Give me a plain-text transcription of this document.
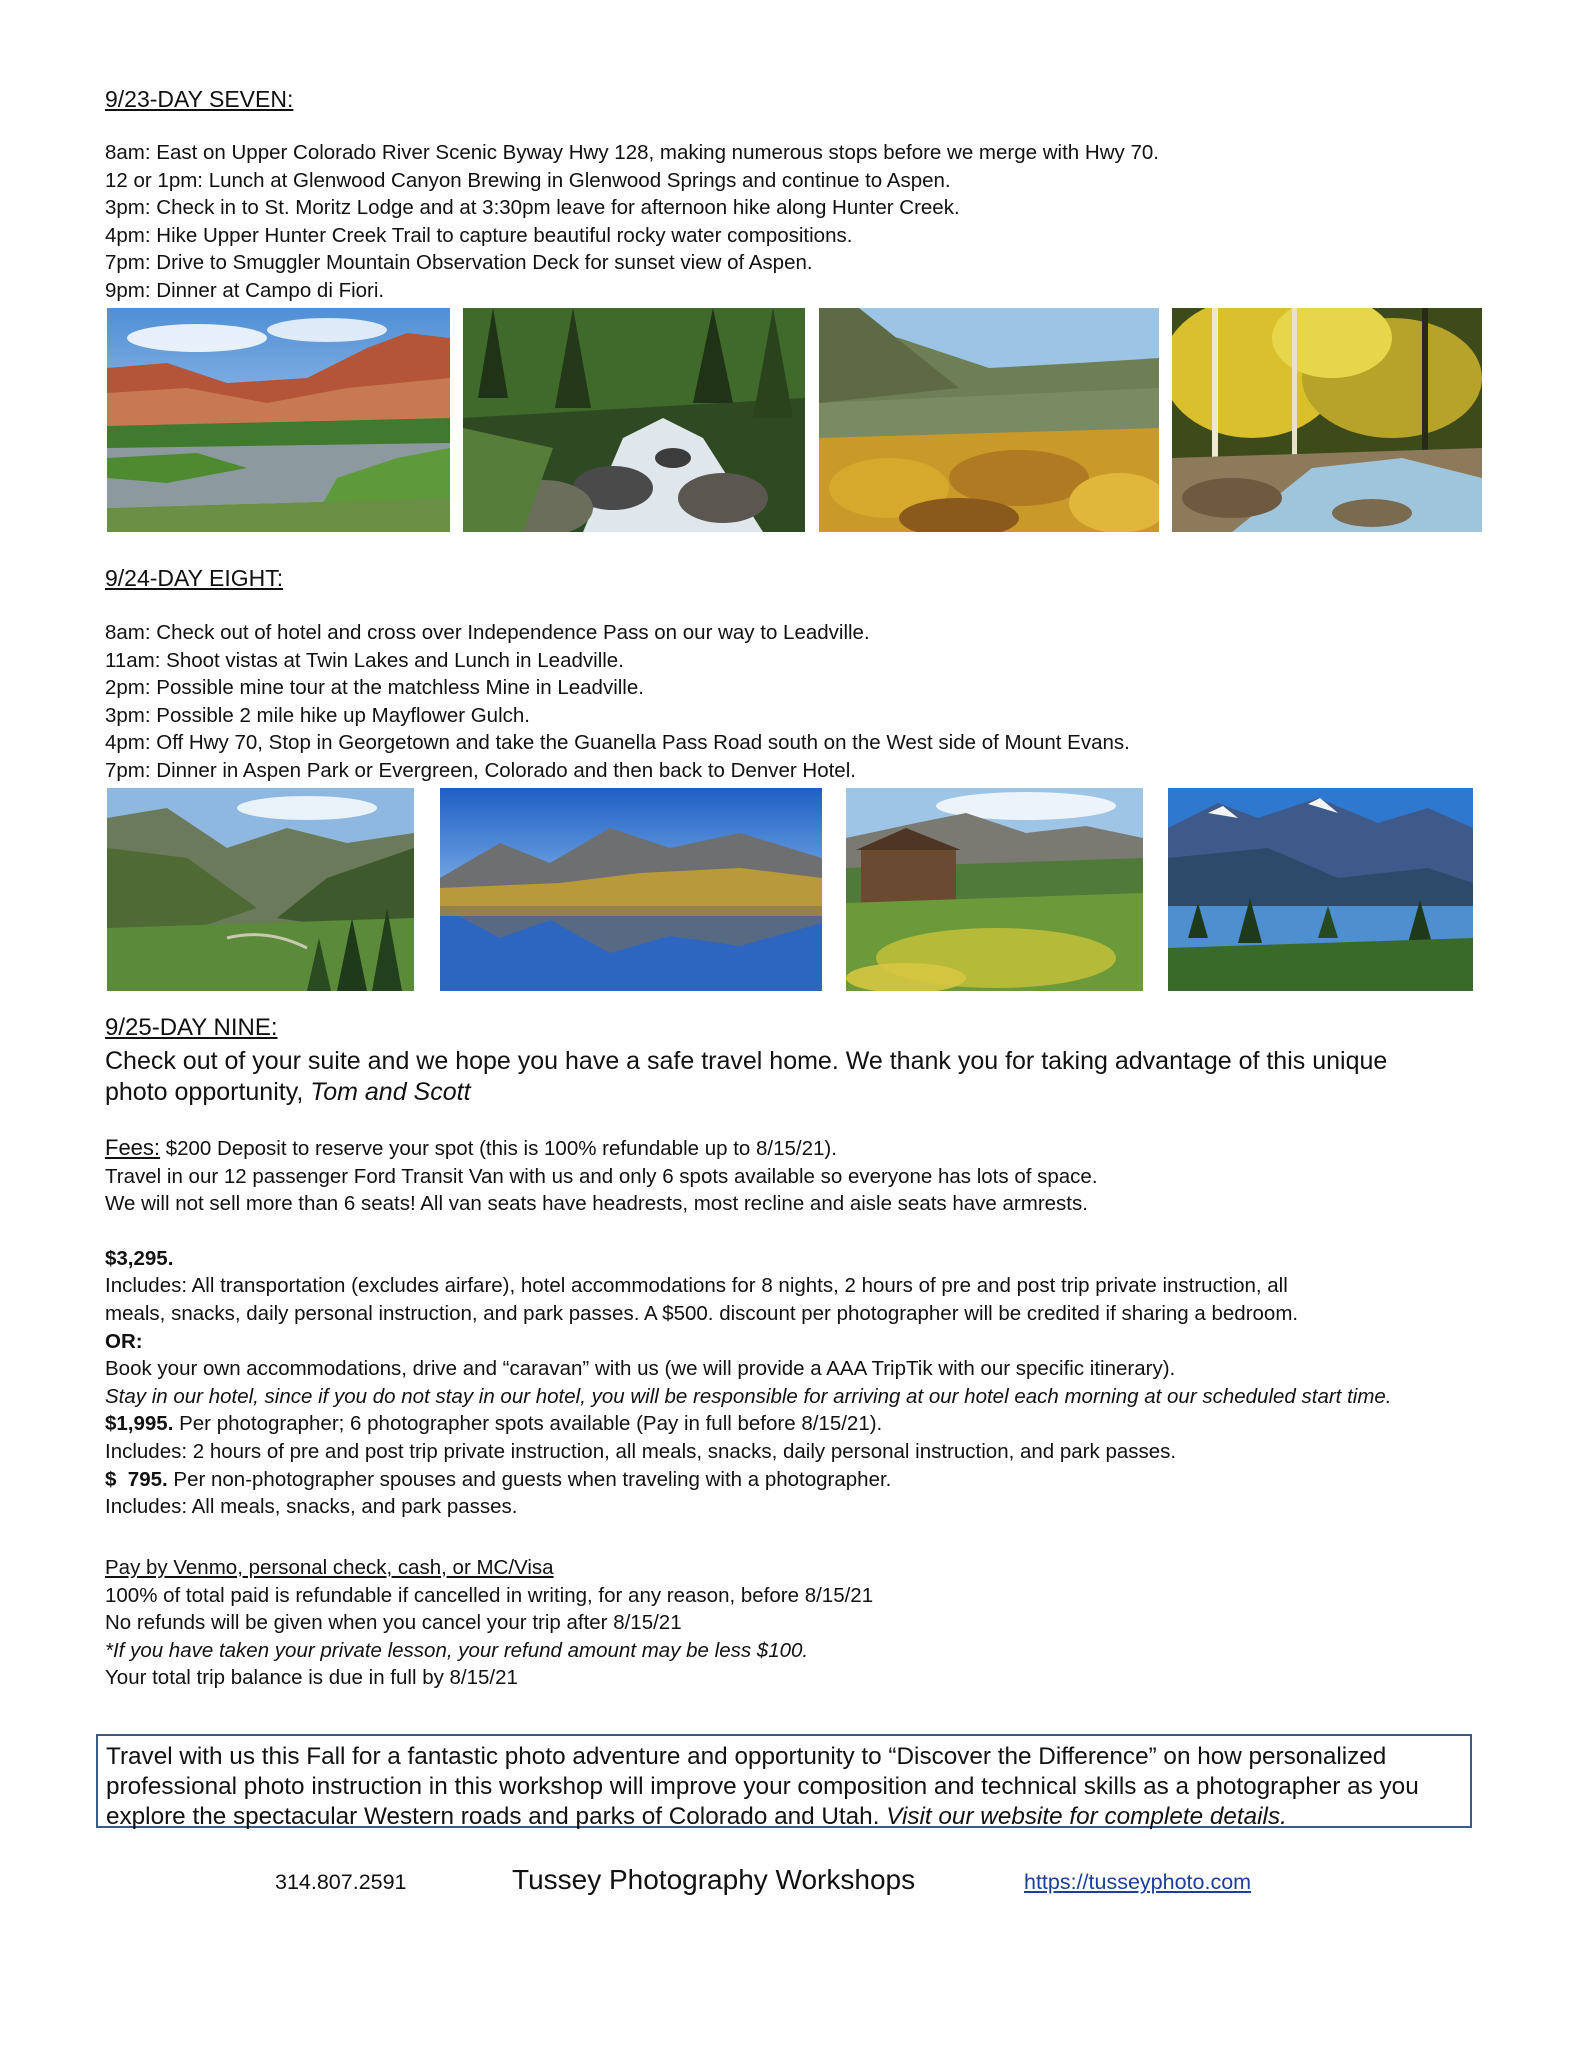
9/23-DAY SEVEN:
8am: East on Upper Colorado River Scenic Byway Hwy 128, making numerous stops before we merge with Hwy 70.
12 or 1pm: Lunch at Glenwood Canyon Brewing in Glenwood Springs and continue to Aspen.
3pm: Check in to St. Moritz Lodge and at 3:30pm leave for afternoon hike along Hunter Creek.
4pm: Hike Upper Hunter Creek Trail to capture beautiful rocky water compositions.
7pm: Drive to Smuggler Mountain Observation Deck for sunset view of Aspen.
9pm: Dinner at Campo di Fiori.
9/24-DAY EIGHT:
8am: Check out of hotel and cross over Independence Pass on our way to Leadville.
11am: Shoot vistas at Twin Lakes and Lunch in Leadville.
2pm: Possible mine tour at the matchless Mine in Leadville.
3pm: Possible 2 mile hike up Mayflower Gulch.
4pm: Off Hwy 70, Stop in Georgetown and take the Guanella Pass Road south on the West side of Mount Evans.
7pm: Dinner in Aspen Park or Evergreen, Colorado and then back to Denver Hotel.
9/25-DAY NINE:
Check out of your suite and we hope you have a safe travel home. We thank you for taking advantage of this unique
photo opportunity, Tom and Scott
Fees: $200 Deposit to reserve your spot (this is 100% refundable up to 8/15/21).
Travel in our 12 passenger Ford Transit Van with us and only 6 spots available so everyone has lots of space.
We will not sell more than 6 seats! All van seats have headrests, most recline and aisle seats have armrests.
$3,295.
Includes: All transportation (excludes airfare), hotel accommodations for 8 nights, 2 hours of pre and post trip private instruction, all
meals, snacks, daily personal instruction, and park passes. A $500. discount per photographer will be credited if sharing a bedroom.
OR:
Book your own accommodations, drive and “caravan” with us (we will provide a AAA TripTik with our specific itinerary).
Stay in our hotel, since if you do not stay in our hotel, you will be responsible for arriving at our hotel each morning at our scheduled start time.
$1,995. Per photographer; 6 photographer spots available (Pay in full before 8/15/21).
Includes: 2 hours of pre and post trip private instruction, all meals, snacks, daily personal instruction, and park passes.
$  795. Per non-photographer spouses and guests when traveling with a photographer.
Includes: All meals, snacks, and park passes.
Pay by Venmo, personal check, cash, or MC/Visa
100% of total paid is refundable if cancelled in writing, for any reason, before 8/15/21
No refunds will be given when you cancel your trip after 8/15/21
*If you have taken your private lesson, your refund amount may be less $100.
Your total trip balance is due in full by 8/15/21
Travel with us this Fall for a fantastic photo adventure and opportunity to “Discover the Difference” on how personalized professional photo instruction in this workshop will improve your composition and technical skills as a photographer as you explore the spectacular Western roads and parks of Colorado and Utah. Visit our website for complete details.
314.807.2591	Tussey Photography Workshops	https://tusseyphoto.com
